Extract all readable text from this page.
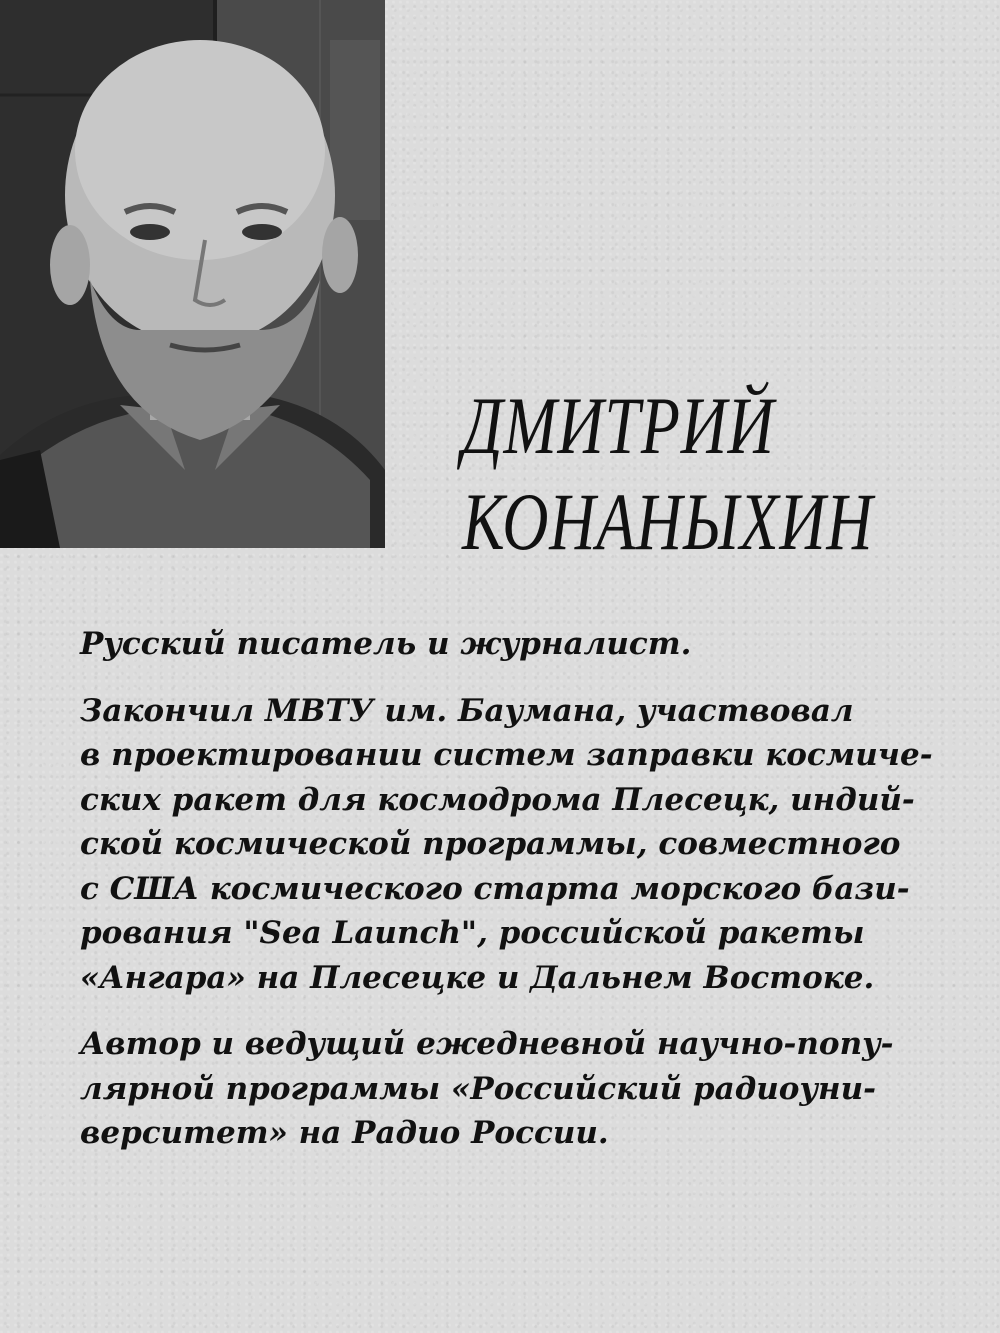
ДМИТРИЙ
КОНАНЫХИН

Русский писатель и журналист.

Закончил МВТУ им. Баумана, участвовал
в проектировании систем заправки космиче-
ских ракет для космодрома Плесецк, индий-
ской космической программы, совместного
с США космического старта морского бази-
рования "Sea Launch", российской ракеты
«Ангара» на Плесецке и Дальнем Востоке.

Автор и ведущий ежедневной научно-попу-
лярной программы «Российский радиоуни-
верситет» на Радио России.
